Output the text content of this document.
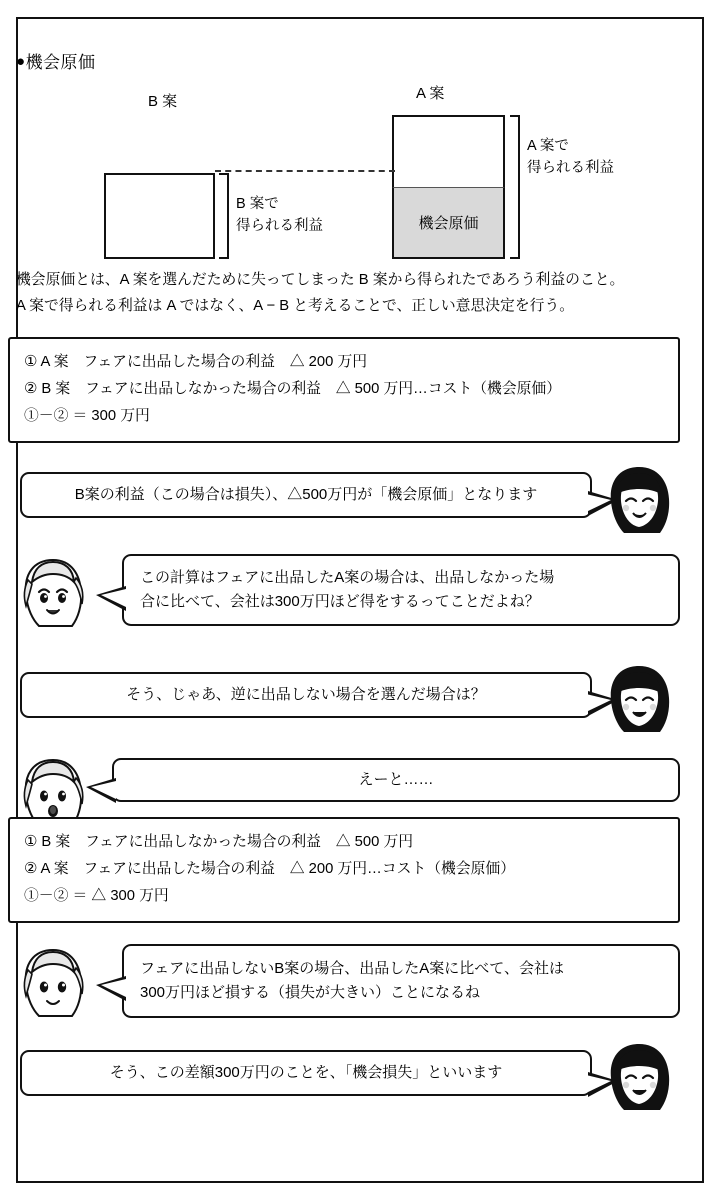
●機会原価
B 案	A 案
機会原価
B 案で
得られる利益
A 案で
得られる利益
機会原価とは、A 案を選んだために失ってしまった B 案から得られたであろう利益のこと。
A 案で得られる利益は A ではなく、A − B と考えることで、正しい意思決定を行う。
① A 案　フェアに出品した場合の利益　△ 200 万円
② B 案　フェアに出品しなかった場合の利益　△ 500 万円…コスト（機会原価）
①－② ＝ 300 万円
B案の利益（この場合は損失）、△500万円が「機会原価」となります
この計算はフェアに出品したA案の場合は、出品しなかった場
合に比べて、会社は300万円ほど得をするってことだよね？
そう、じゃあ、逆に出品しない場合を選んだ場合は？
えーと……
① B 案　フェアに出品しなかった場合の利益　△ 500 万円
② A 案　フェアに出品した場合の利益　△ 200 万円…コスト（機会原価）
①－② ＝ △ 300 万円
フェアに出品しないB案の場合、出品したA案に比べて、会社は
300万円ほど損する（損失が大きい）ことになるね
そう、この差額300万円のことを、「機会損失」といいます
